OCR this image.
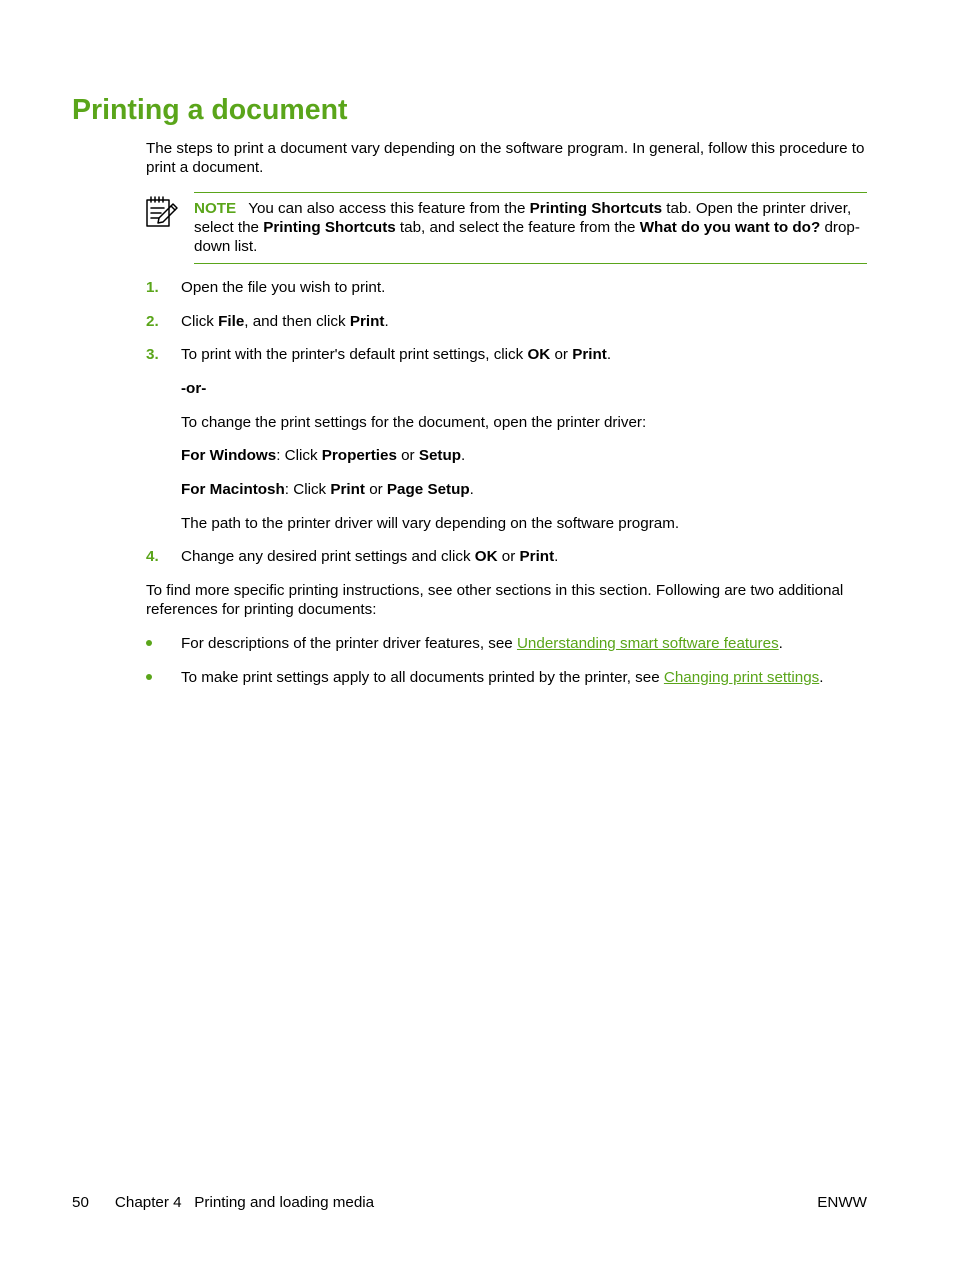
Printing a document

The steps to print a document vary depending on the software program. In general, follow this procedure to print a document.

NOTE You can also access this feature from the Printing Shortcuts tab. Open the printer driver, select the Printing Shortcuts tab, and select the feature from the What do you want to do? drop-down list.
1. Open the file you wish to print.
2. Click File, and then click Print.
3. To print with the printer's default print settings, click OK or Print.
-or-
To change the print settings for the document, open the printer driver:
For Windows: Click Properties or Setup.
For Macintosh: Click Print or Page Setup.
The path to the printer driver will vary depending on the software program.
4. Change any desired print settings and click OK or Print.

To find more specific printing instructions, see other sections in this section. Following are two additional references for printing documents:

For descriptions of the printer driver features, see Understanding smart software features.
To make print settings apply to all documents printed by the printer, see Changing print settings.
50 Chapter 4   Printing and loading media	ENWW
